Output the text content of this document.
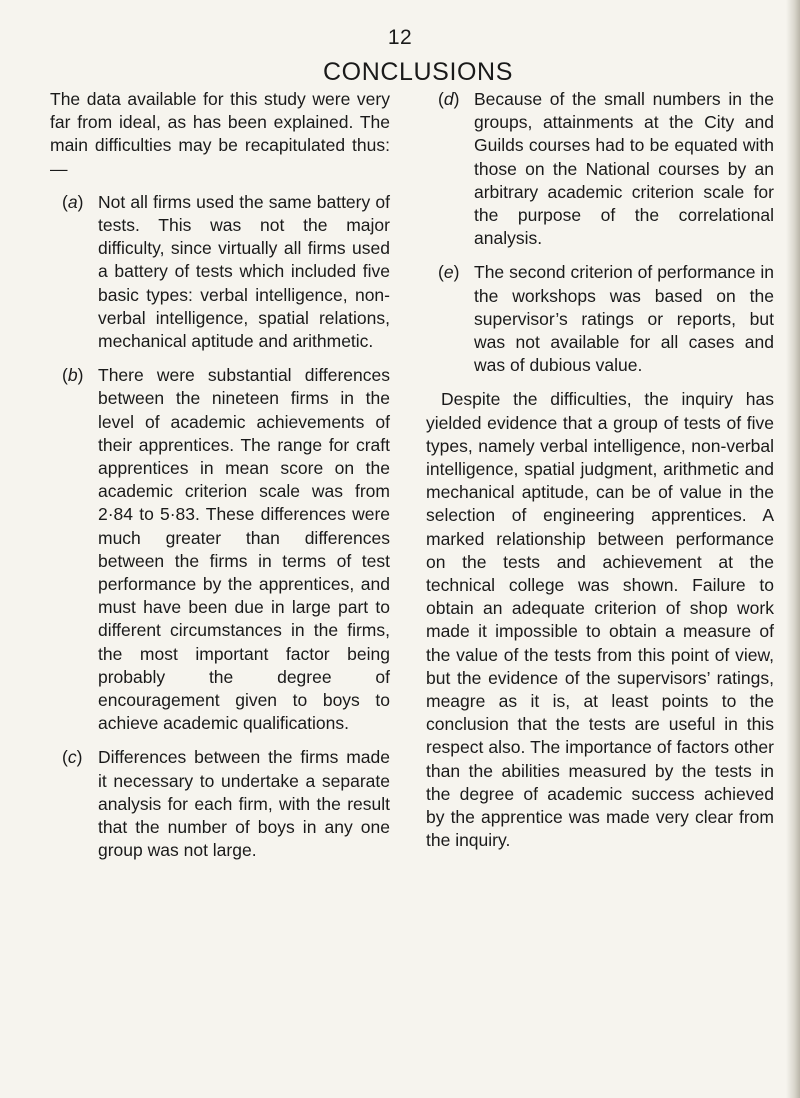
12
CONCLUSIONS

The data available for this study were very far from ideal, as has been explained. The main difficulties may be recapitulated thus:—

(a) Not all firms used the same battery of tests. This was not the major difficulty, since virtually all firms used a battery of tests which included five basic types: verbal intelligence, non-verbal intelligence, spatial relations, mechanical aptitude and arithmetic.
(b) There were substantial differences between the nineteen firms in the level of academic achievements of their apprentices. The range for craft apprentices in mean score on the academic criterion scale was from 2·84 to 5·83. These differences were much greater than differences between the firms in terms of test performance by the apprentices, and must have been due in large part to different circumstances in the firms, the most important factor being probably the degree of encouragement given to boys to achieve academic qualifications.
(c) Differences between the firms made it necessary to undertake a separate analysis for each firm, with the result that the number of boys in any one group was not large.
(d) Because of the small numbers in the groups, attainments at the City and Guilds courses had to be equated with those on the National courses by an arbitrary academic criterion scale for the purpose of the correlational analysis.
(e) The second criterion of performance in the workshops was based on the supervisor’s ratings or reports, but was not available for all cases and was of dubious value.

Despite the difficulties, the inquiry has yielded evidence that a group of tests of five types, namely verbal intelligence, non-verbal intelligence, spatial judgment, arithmetic and mechanical aptitude, can be of value in the selection of engineering apprentices. A marked relationship between performance on the tests and achievement at the technical college was shown. Failure to obtain an adequate criterion of shop work made it impossible to obtain a measure of the value of the tests from this point of view, but the evidence of the supervisors’ ratings, meagre as it is, at least points to the conclusion that the tests are useful in this respect also. The importance of factors other than the abilities measured by the tests in the degree of academic success achieved by the apprentice was made very clear from the inquiry.
